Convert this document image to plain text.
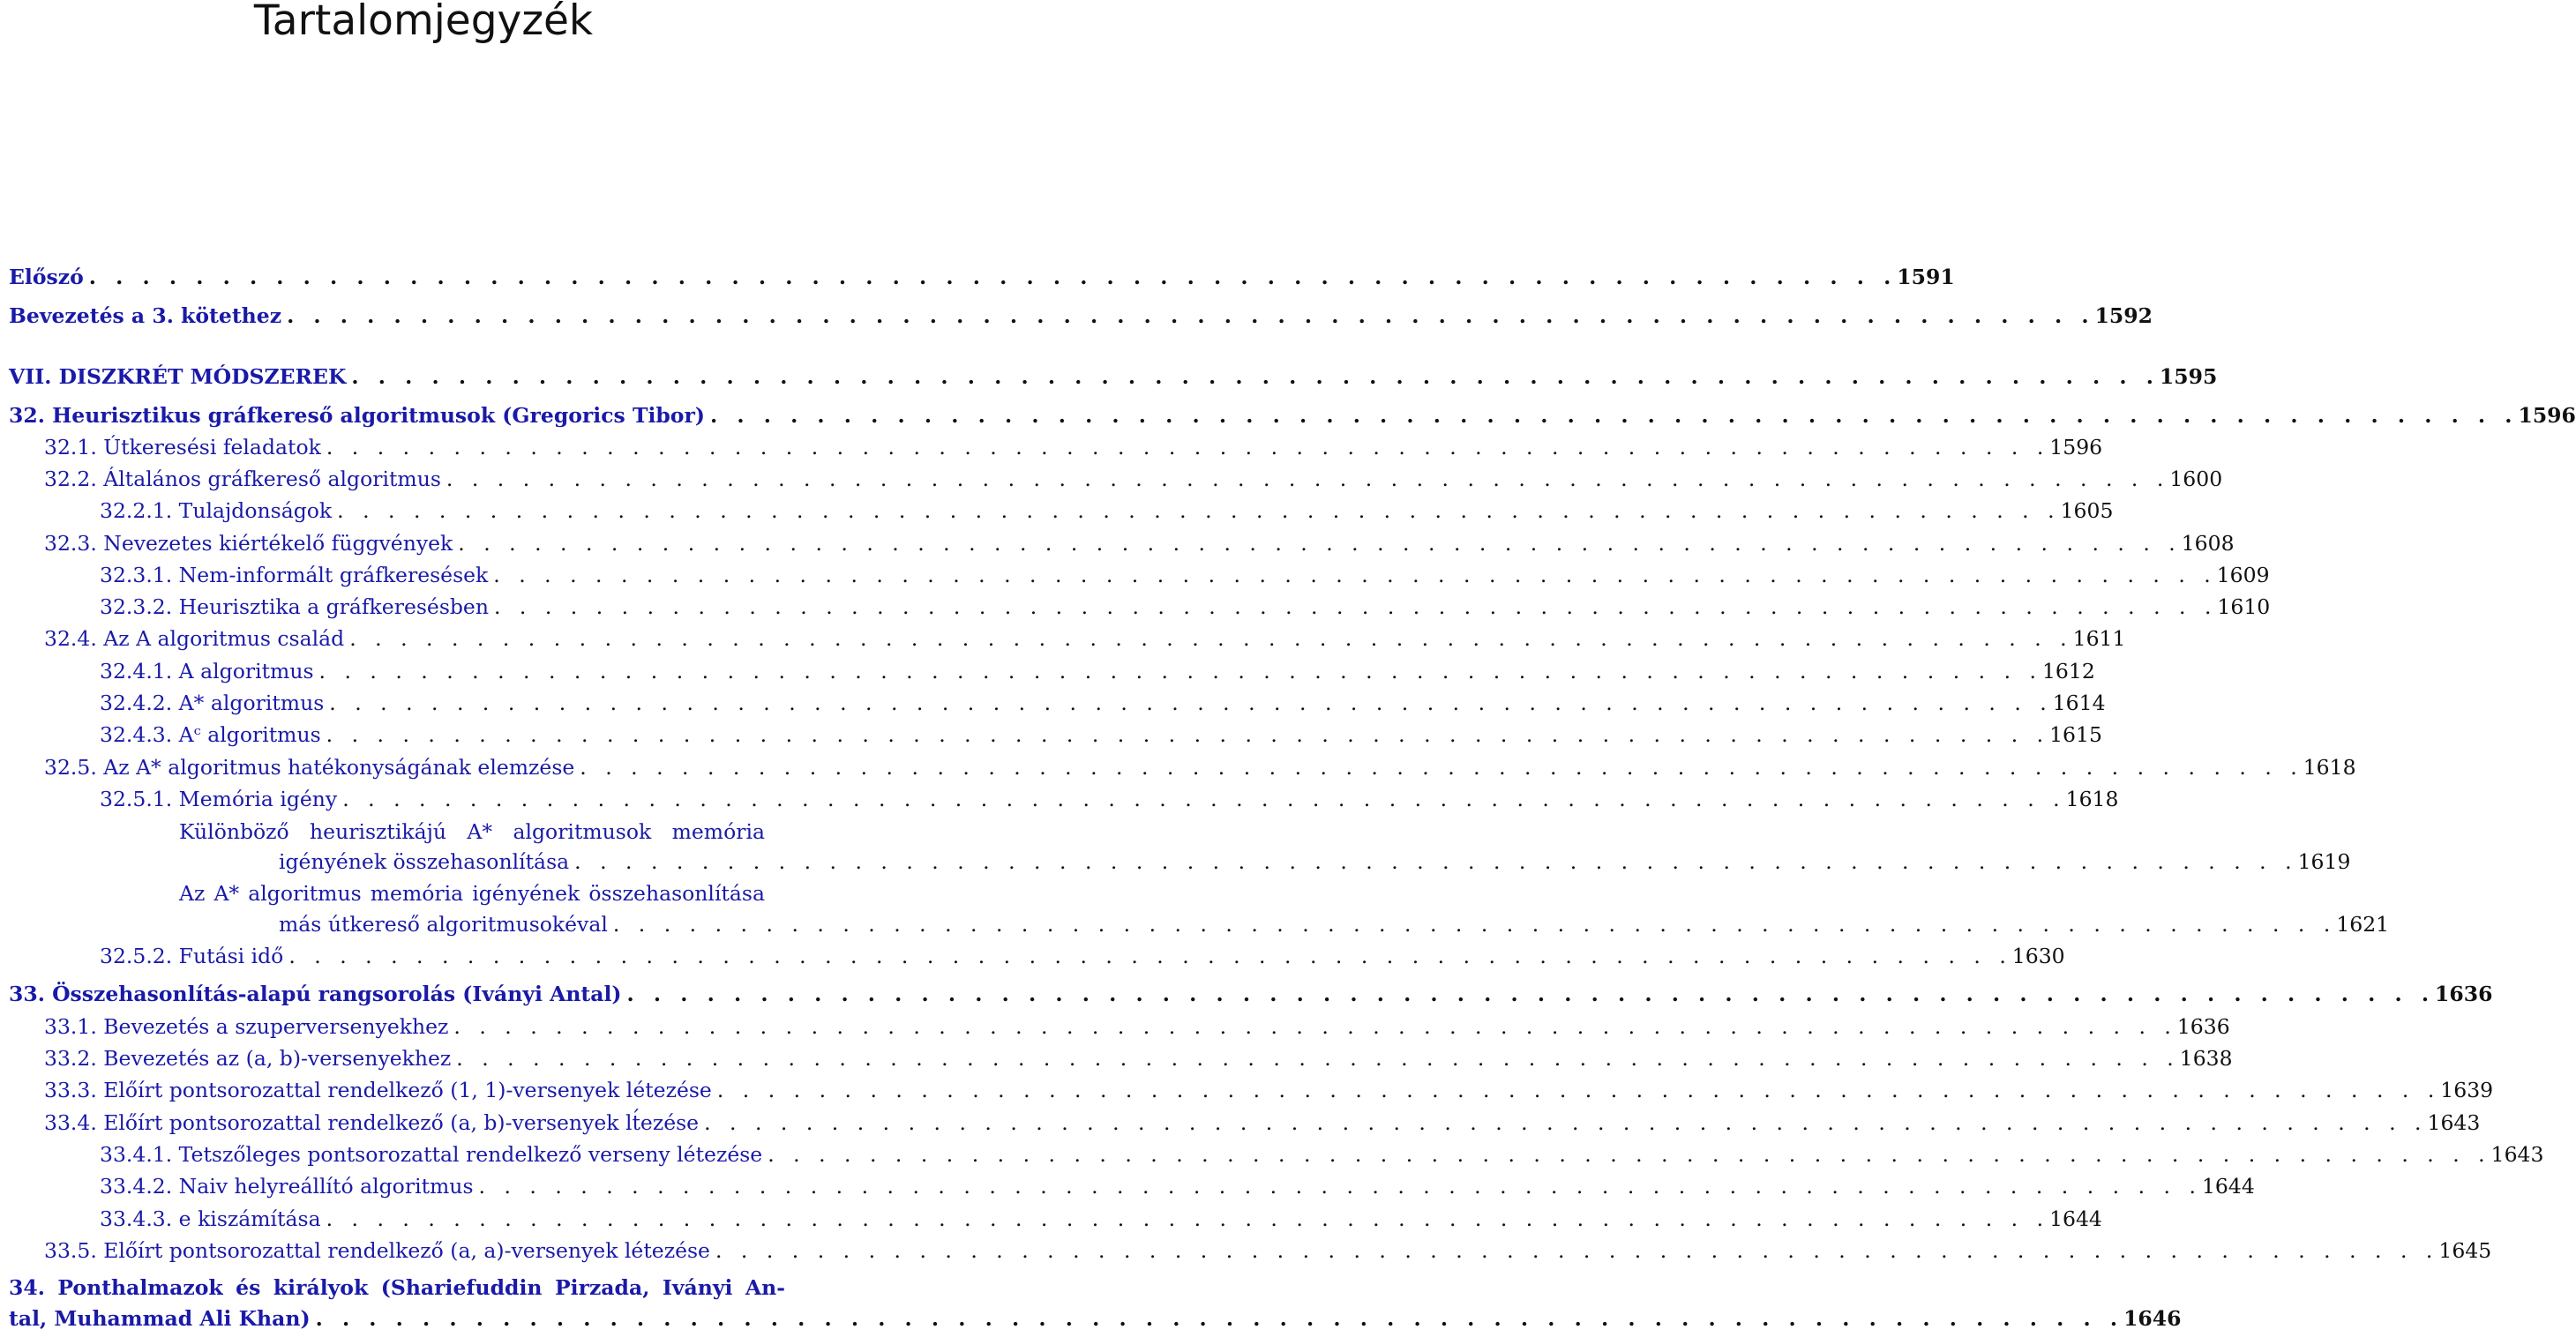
Tartalomjegyzék
Előszó . . . . . . . . . . . . . . . . . . . . . . . . . . . . . . . . . . . . . . . . . . . . . . . . . . . . . . . . . . . . . . . . . . . . 1591
Bevezetés a 3. kötethez . . . . . . . . . . . . . . . . . . . . . . . . . . . . . . . . . . . . . . . . . . . . . . . . . . . . . . . . . . . . . . . . . . . . 1592
VII. DISZKRÉT MÓDSZEREK . . . . . . . . . . . . . . . . . . . . . . . . . . . . . . . . . . . . . . . . . . . . . . . . . . . . . . . . . . . . . . . . . . . . 1595
32. Heurisztikus gráfkereső algoritmusok (Gregorics Tibor) . . . . . . . . . . . . . . . . . . . . . . . . . . . . . . . . . . . . . . . . . . . . . . . . . . . . . . . . . . . . . . . . . . . . 1596
32.1. Útkeresési feladatok . . . . . . . . . . . . . . . . . . . . . . . . . . . . . . . . . . . . . . . . . . . . . . . . . . . . . . . . . . . . . . . . . . . . 1596
32.2. Általános gráfkereső algoritmus . . . . . . . . . . . . . . . . . . . . . . . . . . . . . . . . . . . . . . . . . . . . . . . . . . . . . . . . . . . . . . . . . . . . 1600
32.2.1. Tulajdonságok . . . . . . . . . . . . . . . . . . . . . . . . . . . . . . . . . . . . . . . . . . . . . . . . . . . . . . . . . . . . . . . . . . . . 1605
32.3. Nevezetes kiértékelő függvények . . . . . . . . . . . . . . . . . . . . . . . . . . . . . . . . . . . . . . . . . . . . . . . . . . . . . . . . . . . . . . . . . . . . 1608
32.3.1. Nem-informált gráfkeresések . . . . . . . . . . . . . . . . . . . . . . . . . . . . . . . . . . . . . . . . . . . . . . . . . . . . . . . . . . . . . . . . . . . . 1609
32.3.2. Heurisztika a gráfkeresésben . . . . . . . . . . . . . . . . . . . . . . . . . . . . . . . . . . . . . . . . . . . . . . . . . . . . . . . . . . . . . . . . . . . . 1610
32.4. Az A algoritmus család . . . . . . . . . . . . . . . . . . . . . . . . . . . . . . . . . . . . . . . . . . . . . . . . . . . . . . . . . . . . . . . . . . . . 1611
32.4.1. A algoritmus . . . . . . . . . . . . . . . . . . . . . . . . . . . . . . . . . . . . . . . . . . . . . . . . . . . . . . . . . . . . . . . . . . . . 1612
32.4.2. A* algoritmus . . . . . . . . . . . . . . . . . . . . . . . . . . . . . . . . . . . . . . . . . . . . . . . . . . . . . . . . . . . . . . . . . . . . 1614
32.4.3. Aᶜ algoritmus . . . . . . . . . . . . . . . . . . . . . . . . . . . . . . . . . . . . . . . . . . . . . . . . . . . . . . . . . . . . . . . . . . . . 1615
32.5. Az A* algoritmus hatékonyságának elemzése . . . . . . . . . . . . . . . . . . . . . . . . . . . . . . . . . . . . . . . . . . . . . . . . . . . . . . . . . . . . . . . . . . . . 1618
32.5.1. Memória igény . . . . . . . . . . . . . . . . . . . . . . . . . . . . . . . . . . . . . . . . . . . . . . . . . . . . . . . . . . . . . . . . . . . . 1618
Különböző heurisztikájú A* algoritmusok memória
igényének összehasonlítása . . . . . . . . . . . . . . . . . . . . . . . . . . . . . . . . . . . . . . . . . . . . . . . . . . . . . . . . . . . . . . . . . . . . 1619
Az A* algoritmus memória igényének összehasonlítása
más útkereső algoritmusokéval . . . . . . . . . . . . . . . . . . . . . . . . . . . . . . . . . . . . . . . . . . . . . . . . . . . . . . . . . . . . . . . . . . . . 1621
32.5.2. Futási idő . . . . . . . . . . . . . . . . . . . . . . . . . . . . . . . . . . . . . . . . . . . . . . . . . . . . . . . . . . . . . . . . . . . . 1630
33. Összehasonlítás-alapú rangsorolás (Iványi Antal) . . . . . . . . . . . . . . . . . . . . . . . . . . . . . . . . . . . . . . . . . . . . . . . . . . . . . . . . . . . . . . . . . . . . 1636
33.1. Bevezetés a szuperversenyekhez . . . . . . . . . . . . . . . . . . . . . . . . . . . . . . . . . . . . . . . . . . . . . . . . . . . . . . . . . . . . . . . . . . . . 1636
33.2. Bevezetés az (a, b)-versenyekhez . . . . . . . . . . . . . . . . . . . . . . . . . . . . . . . . . . . . . . . . . . . . . . . . . . . . . . . . . . . . . . . . . . . . 1638
33.3. Előírt pontsorozattal rendelkező (1, 1)-versenyek létezése . . . . . . . . . . . . . . . . . . . . . . . . . . . . . . . . . . . . . . . . . . . . . . . . . . . . . . . . . . . . . . . . . . . . 1639
33.4. Előírt pontsorozattal rendelkező (a, b)-versenyek lt́ezése . . . . . . . . . . . . . . . . . . . . . . . . . . . . . . . . . . . . . . . . . . . . . . . . . . . . . . . . . . . . . . . . . . . . 1643
33.4.1. Tetszőleges pontsorozattal rendelkező verseny létezése . . . . . . . . . . . . . . . . . . . . . . . . . . . . . . . . . . . . . . . . . . . . . . . . . . . . . . . . . . . . . . . . . . . . 1643
33.4.2. Naiv helyreállító algoritmus . . . . . . . . . . . . . . . . . . . . . . . . . . . . . . . . . . . . . . . . . . . . . . . . . . . . . . . . . . . . . . . . . . . . 1644
33.4.3. e kiszámítása . . . . . . . . . . . . . . . . . . . . . . . . . . . . . . . . . . . . . . . . . . . . . . . . . . . . . . . . . . . . . . . . . . . . 1644
33.5. Előírt pontsorozattal rendelkező (a, a)-versenyek létezése . . . . . . . . . . . . . . . . . . . . . . . . . . . . . . . . . . . . . . . . . . . . . . . . . . . . . . . . . . . . . . . . . . . . 1645
34. Ponthalmazok és királyok (Shariefuddin Pirzada, Iványi An-
tal, Muhammad Ali Khan) . . . . . . . . . . . . . . . . . . . . . . . . . . . . . . . . . . . . . . . . . . . . . . . . . . . . . . . . . . . . . . . . . . . . 1646
